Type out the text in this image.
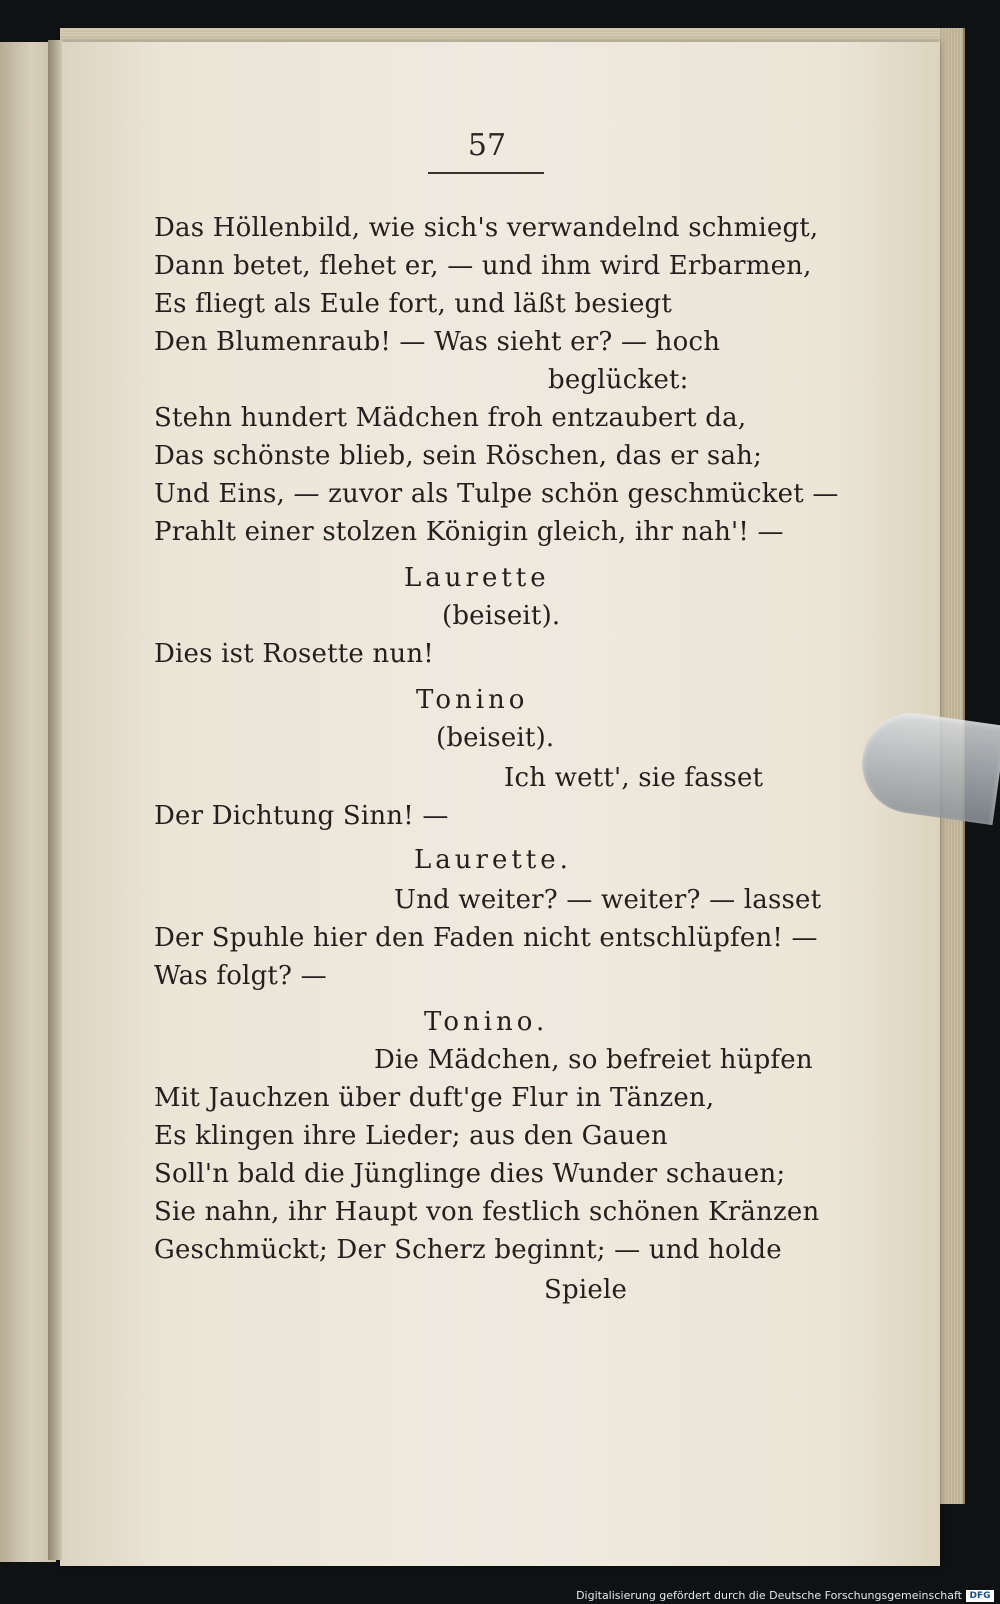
57
Das Höllenbild, wie sich's verwandelnd schmiegt,
Dann betet, flehet er, — und ihm wird Erbarmen,
Es fliegt als Eule fort, und läßt besiegt
Den Blumenraub! — Was sieht er? — hoch
beglücket:
Stehn hundert Mädchen froh entzaubert da,
Das schönste blieb, sein Röschen, das er sah;
Und Eins, — zuvor als Tulpe schön geschmücket —
Prahlt einer stolzen Königin gleich, ihr nah'! —
Laurette
(beiseit).
Dies ist Rosette nun!
Tonino
(beiseit).
Ich wett', sie fasset
Der Dichtung Sinn! —
Laurette.
Und weiter? — weiter? — lasset
Der Spuhle hier den Faden nicht entschlüpfen! —
Was folgt? —
Tonino.
Die Mädchen, so befreiet hüpfen
Mit Jauchzen über duft'ge Flur in Tänzen,
Es klingen ihre Lieder; aus den Gauen
Soll'n bald die Jünglinge dies Wunder schauen;
Sie nahn, ihr Haupt von festlich schönen Kränzen
Geschmückt; Der Scherz beginnt; — und holde
Spiele
Digitalisierung gefördert durch die Deutsche Forschungsgemeinschaft DFG
